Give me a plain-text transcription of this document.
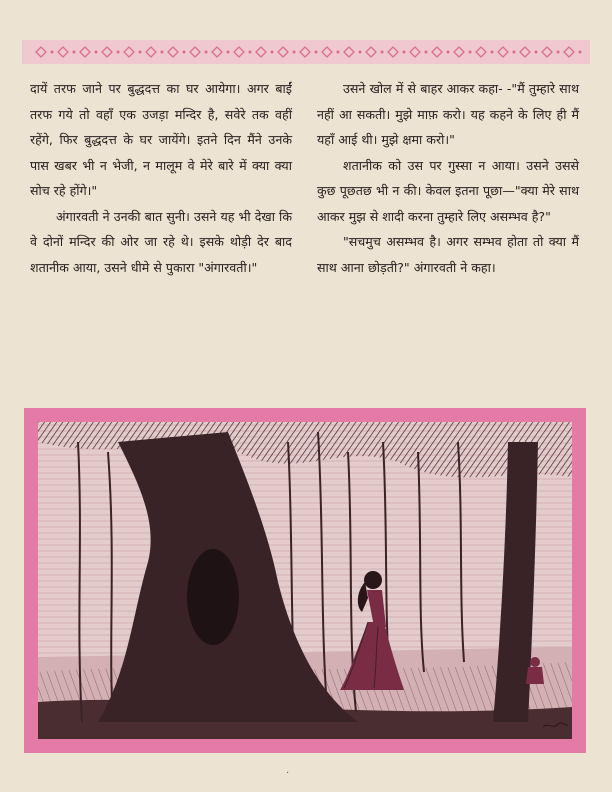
दायें तरफ जाने पर बुद्धदत्त का घर आयेगा। अगर बाईं तरफ गये तो वहाँ एक उजड़ा मन्दिर है, सवेरे तक वहीं रहेंगे, फिर बुद्धदत्त के घर जायेंगे। इतने दिन मैंने उनके पास खबर भी न भेजी, न मालूम वे मेरे बारे में क्या क्या सोच रहे होंगे।"

अंगारवती ने उनकी बात सुनी। उसने यह भी देखा कि वे दोनों मन्दिर की ओर जा रहे थे। इसके थोड़ी देर बाद शतानीक आया, उसने धीमे से पुकारा "अंगारवती।"

उसने खोल में से बाहर आकर कहा- -"मैं तुम्हारे साथ नहीं आ सकती। मुझे माफ़ करो। यह कहने के लिए ही मैं यहाँ आई थी। मुझे क्षमा करो।"

शतानीक को उस पर गुस्सा न आया। उसने उससे कुछ पूछतछ भी न की। केवल इतना पूछा—"क्या मेरे साथ आकर मुझ से शादी करना तुम्हारे लिए असम्भव है?"

"सचमुच असम्भव है। अगर सम्भव होता तो क्या मैं साथ आना छोड़ती?" अंगारवती ने कहा।

·
